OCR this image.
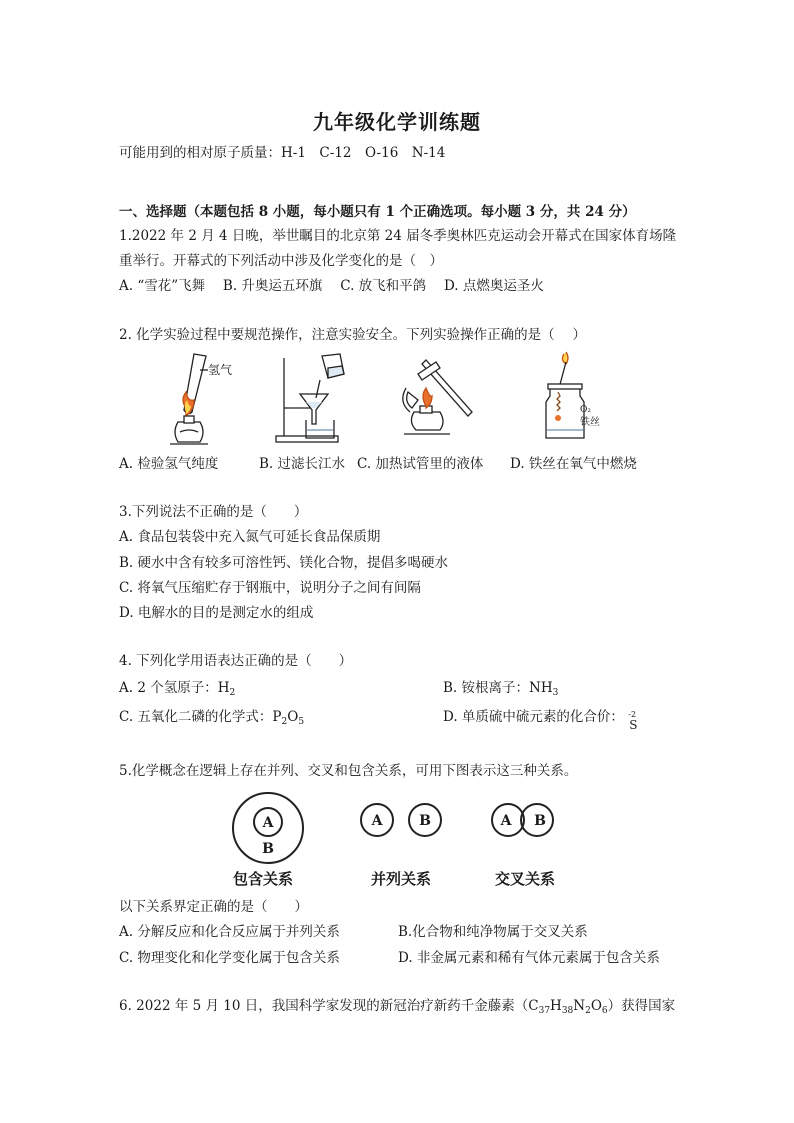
九年级化学训练题
可能用到的相对原子质量：H-1　C-12　O-16　N-14
一、选择题（本题包括 8 小题，每小题只有 1 个正确选项。每小题 3 分，共 24 分）
1.2022 年 2 月 4 日晚，举世瞩目的北京第 24 届冬季奥林匹克运动会开幕式在国家体育场隆
重举行。开幕式的下列活动中涉及化学变化的是（　）
A. “雪花”飞舞　 B. 升奥运五环旗　 C. 放飞和平鸽　 D. 点燃奥运圣火
2. 化学实验过程中要规范操作，注意实验安全。下列实验操作正确的是（　 ）
氢气
O₂
铁丝
A. 检验氢气纯度	B. 过滤长江水 C. 加热试管里的液体 D. 铁丝在氧气中燃烧
3.下列说法不正确的是（　　）
A. 食品包装袋中充入氮气可延长食品保质期
B. 硬水中含有较多可溶性钙、镁化合物，提倡多喝硬水
C. 将氧气压缩贮存于钢瓶中，说明分子之间有间隔
D. 电解水的目的是测定水的组成
4. 下列化学用语表达正确的是（　　）
A. 2 个氢原子：$H_2$	B. 铵根离子：$NH_3$
C. 五氧化二磷的化学式：$P_2O_5$	D. 单质硫中硫元素的化合价： -2
S
5.化学概念在逻辑上存在并列、交叉和包含关系，可用下图表示这三种关系。
A
B
A	B	A B
包含关系	并列关系	交叉关系
以下关系界定正确的是（　　）
A. 分解反应和化合反应属于并列关系	B.化合物和纯净物属于交叉关系
C. 物理变化和化学变化属于包含关系	D. 非金属元素和稀有气体元素属于包含关系
6. 2022 年 5 月 10 日，我国科学家发现的新冠治疗新药千金藤素$(C_{37}H_{38}N_2O_6)$获得国家
